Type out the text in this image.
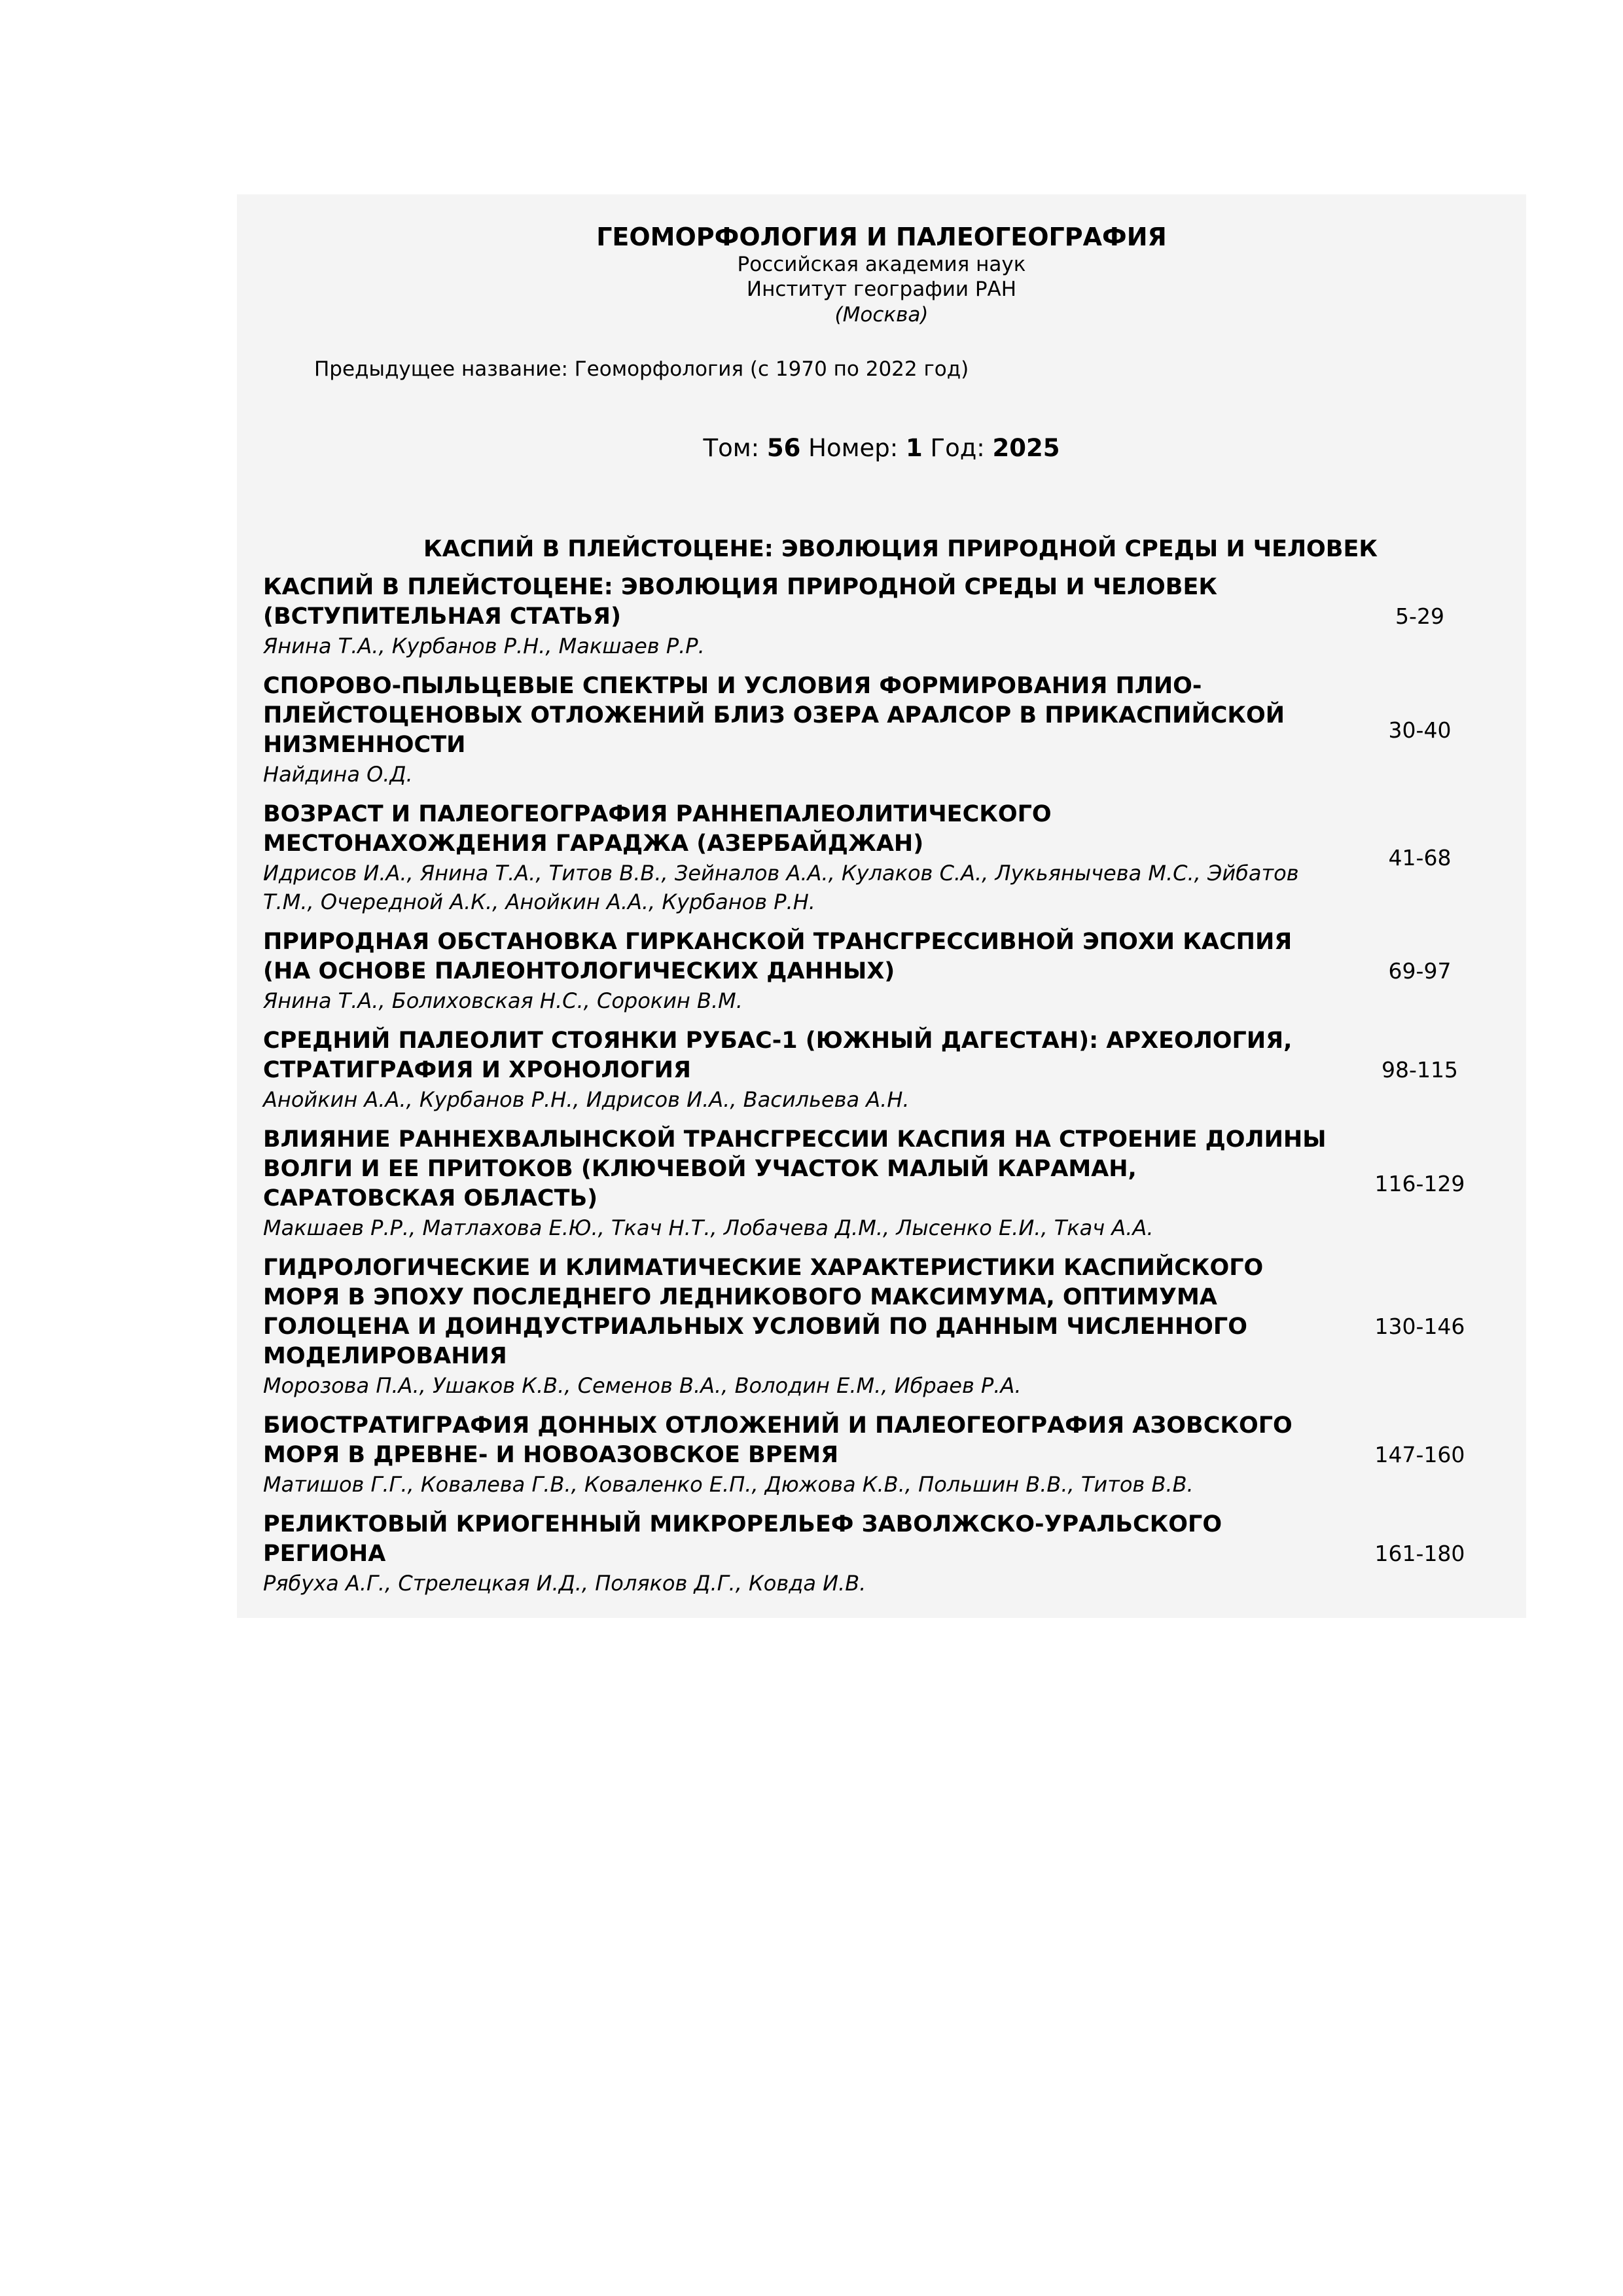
ГЕОМОРФОЛОГИЯ И ПАЛЕОГЕОГРАФИЯ
Российская академия наук
Институт географии РАН
(Москва)
Предыдущее название: Геоморфология (с 1970 по 2022 год)
Том: 56 Номер: 1 Год: 2025
КАСПИЙ В ПЛЕЙСТОЦЕНЕ: ЭВОЛЮЦИЯ ПРИРОДНОЙ СРЕДЫ И ЧЕЛОВЕК
КАСПИЙ В ПЛЕЙСТОЦЕНЕ: ЭВОЛЮЦИЯ ПРИРОДНОЙ СРЕДЫ И ЧЕЛОВЕК (ВСТУПИТЕЛЬНАЯ СТАТЬЯ)
Янина Т.А., Курбанов Р.Н., Макшаев Р.Р.
5-29
СПОРОВО-ПЫЛЬЦЕВЫЕ СПЕКТРЫ И УСЛОВИЯ ФОРМИРОВАНИЯ ПЛИО-ПЛЕЙСТОЦЕНОВЫХ ОТЛОЖЕНИЙ БЛИЗ ОЗЕРА АРАЛСОР В ПРИКАСПИЙСКОЙ НИЗМЕННОСТИ
Найдина О.Д.
30-40
ВОЗРАСТ И ПАЛЕОГЕОГРАФИЯ РАННЕПАЛЕОЛИТИЧЕСКОГО МЕСТОНАХОЖДЕНИЯ ГАРАДЖА (АЗЕРБАЙДЖАН)
Идрисов И.А., Янина Т.А., Титов В.В., Зейналов А.А., Кулаков С.А., Лукьянычева М.С., Эйбатов Т.М., Очередной А.К., Анойкин А.А., Курбанов Р.Н.
41-68
ПРИРОДНАЯ ОБСТАНОВКА ГИРКАНСКОЙ ТРАНСГРЕССИВНОЙ ЭПОХИ КАСПИЯ (НА ОСНОВЕ ПАЛЕОНТОЛОГИЧЕСКИХ ДАННЫХ)
Янина Т.А., Болиховская Н.С., Сорокин В.М.
69-97
СРЕДНИЙ ПАЛЕОЛИТ СТОЯНКИ РУБАС-1 (ЮЖНЫЙ ДАГЕСТАН): АРХЕОЛОГИЯ, СТРАТИГРАФИЯ И ХРОНОЛОГИЯ
Анойкин А.А., Курбанов Р.Н., Идрисов И.А., Васильева А.Н.
98-115
ВЛИЯНИЕ РАННЕХВАЛЫНСКОЙ ТРАНСГРЕССИИ КАСПИЯ НА СТРОЕНИЕ ДОЛИНЫ ВОЛГИ И ЕЕ ПРИТОКОВ (КЛЮЧЕВОЙ УЧАСТОК МАЛЫЙ КАРАМАН, САРАТОВСКАЯ ОБЛАСТЬ)
Макшаев Р.Р., Матлахова Е.Ю., Ткач Н.Т., Лобачева Д.М., Лысенко Е.И., Ткач А.А.
116-129
ГИДРОЛОГИЧЕСКИЕ И КЛИМАТИЧЕСКИЕ ХАРАКТЕРИСТИКИ КАСПИЙСКОГО МОРЯ В ЭПОХУ ПОСЛЕДНЕГО ЛЕДНИКОВОГО МАКСИМУМА, ОПТИМУМА ГОЛОЦЕНА И ДОИНДУСТРИАЛЬНЫХ УСЛОВИЙ ПО ДАННЫМ ЧИСЛЕННОГО МОДЕЛИРОВАНИЯ
Морозова П.А., Ушаков К.В., Семенов В.А., Володин Е.М., Ибраев Р.А.
130-146
БИОСТРАТИГРАФИЯ ДОННЫХ ОТЛОЖЕНИЙ И ПАЛЕОГЕОГРАФИЯ АЗОВСКОГО МОРЯ В ДРЕВНЕ- И НОВОАЗОВСКОЕ ВРЕМЯ
Матишов Г.Г., Ковалева Г.В., Коваленко Е.П., Дюжова К.В., Польшин В.В., Титов В.В.
147-160
РЕЛИКТОВЫЙ КРИОГЕННЫЙ МИКРОРЕЛЬЕФ ЗАВОЛЖСКО-УРАЛЬСКОГО РЕГИОНА
Рябуха А.Г., Стрелецкая И.Д., Поляков Д.Г., Ковда И.В.
161-180
